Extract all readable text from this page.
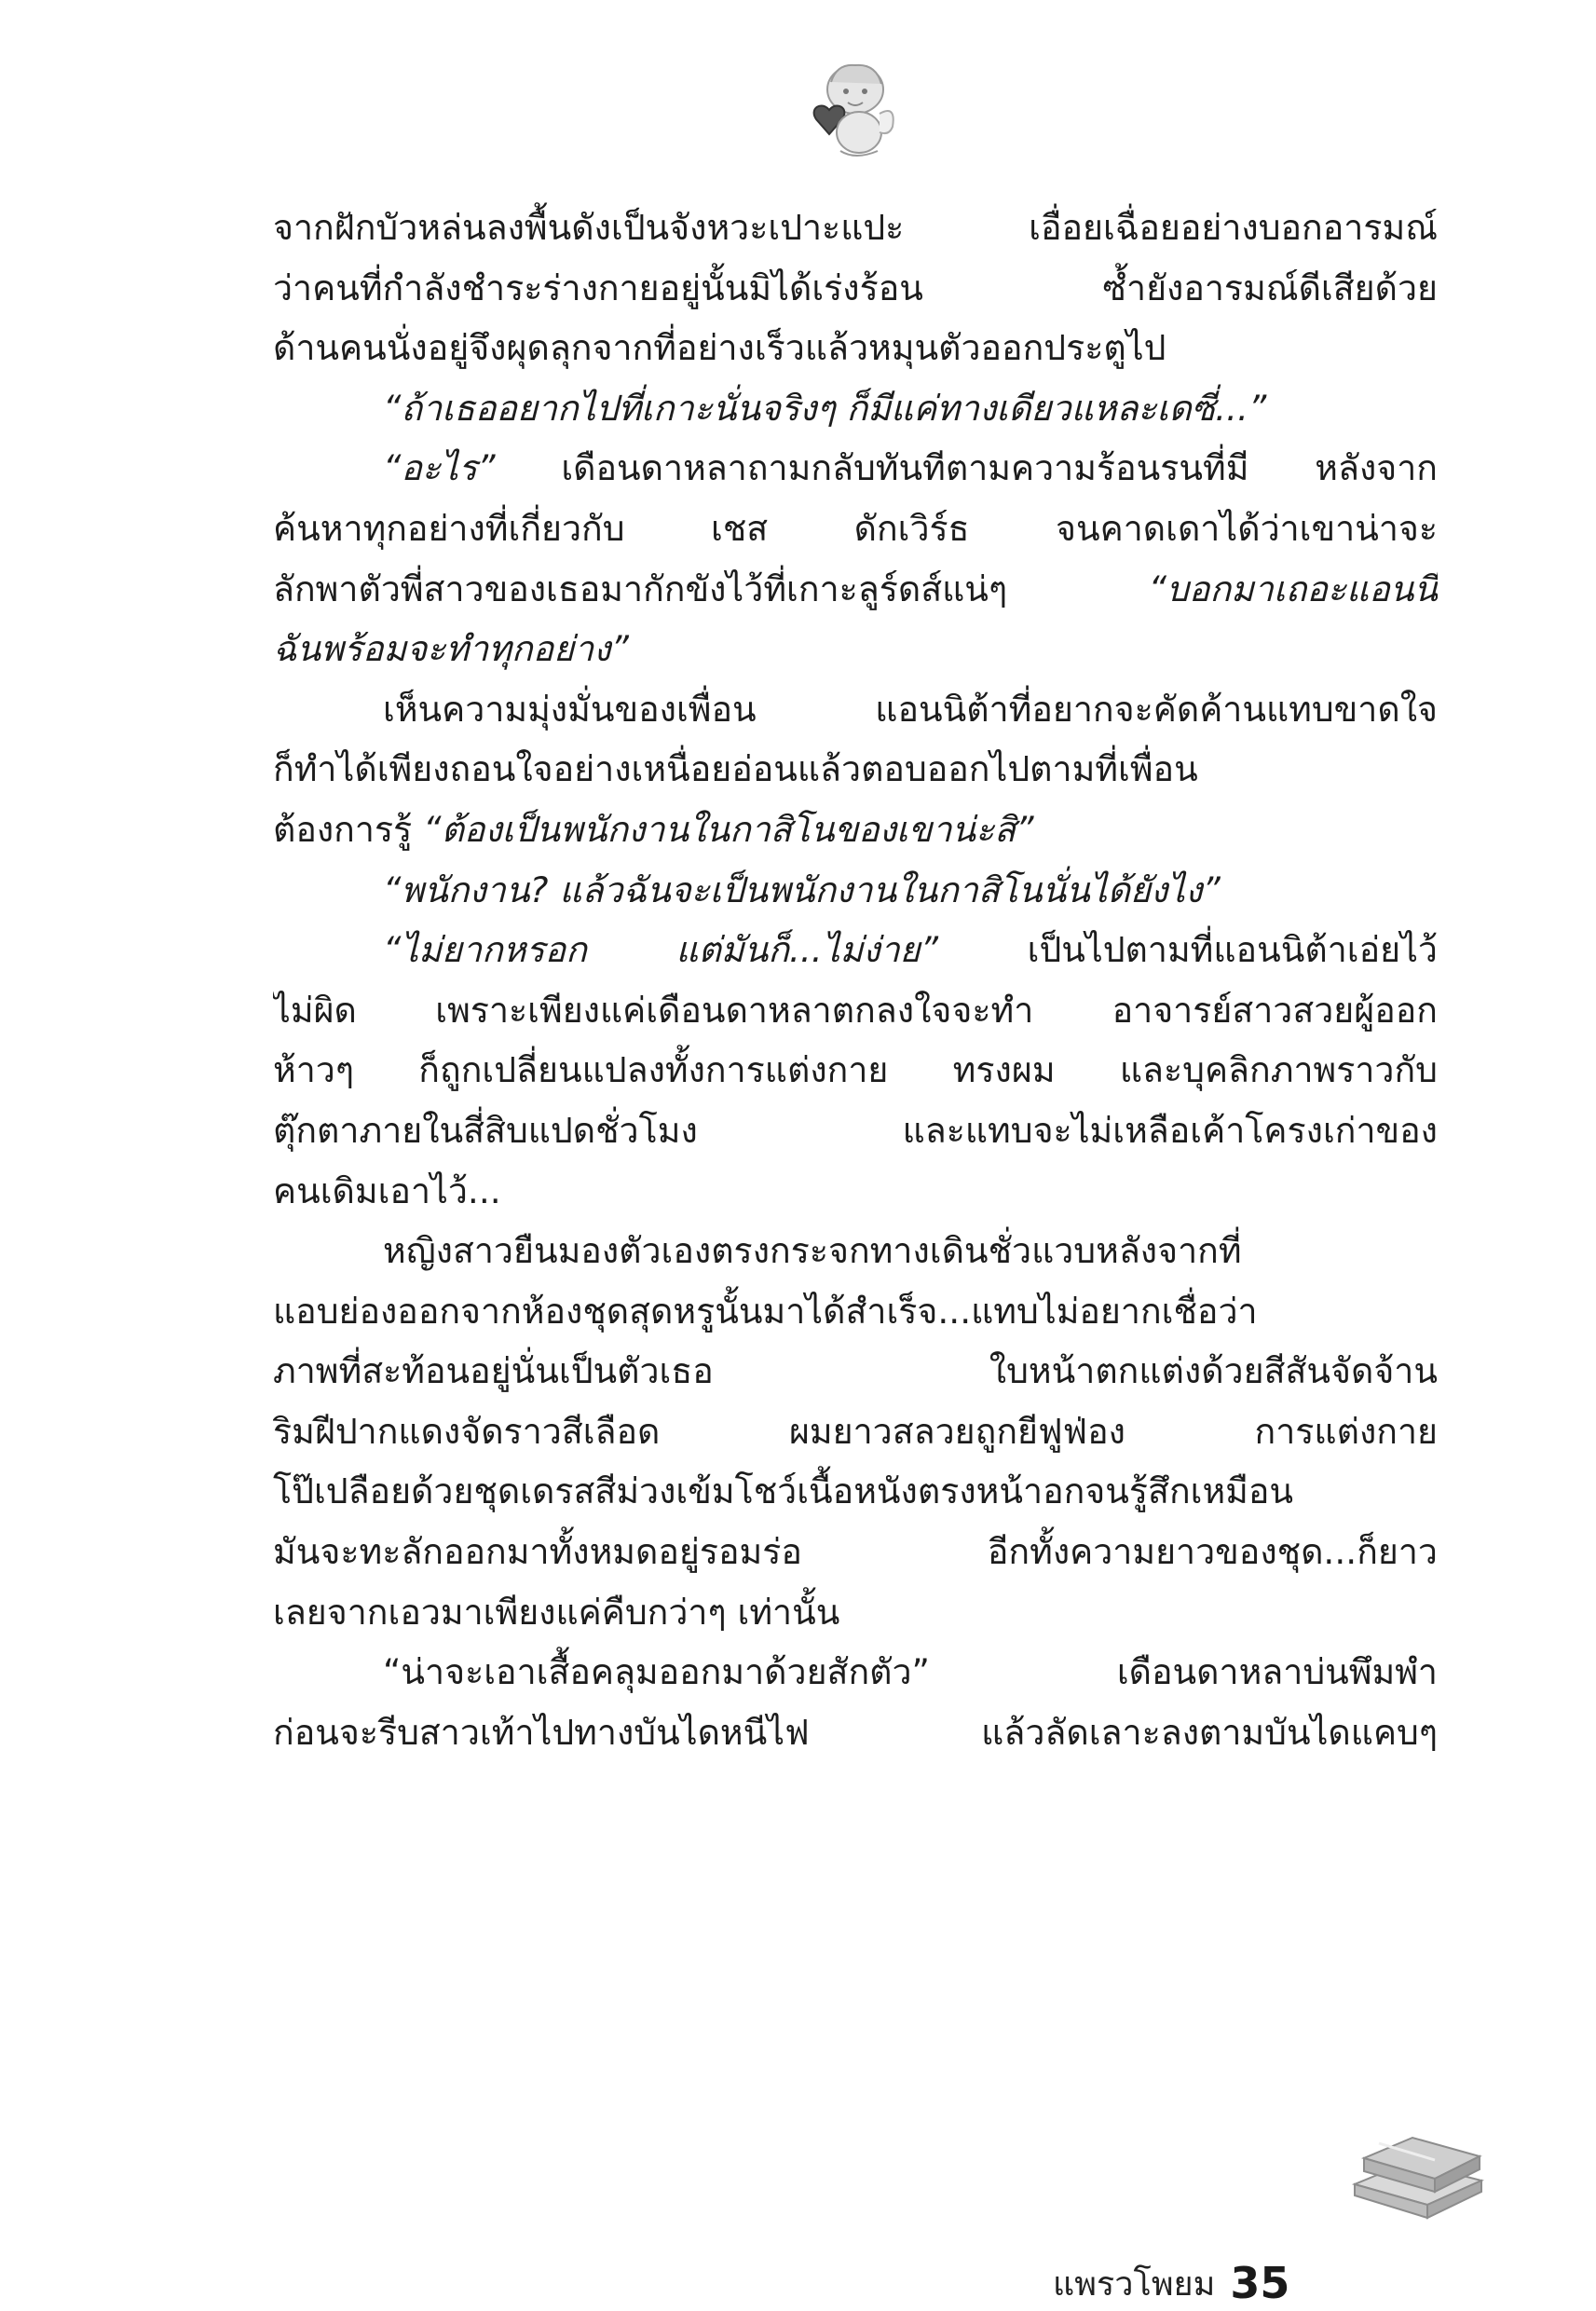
จากฝักบัวหล่นลงพื้นดังเป็นจังหวะเปาะแปะ เอื่อยเฉื่อยอย่างบอกอารมณ์
ว่าคนที่กำลังชำระร่างกายอยู่นั้นมิได้เร่งร้อน ซ้ำยังอารมณ์ดีเสียด้วย
ด้านคนนั่งอยู่จึงผุดลุกจากที่อย่างเร็วแล้วหมุนตัวออกประตูไป
“ถ้าเธออยากไปที่เกาะนั่นจริงๆ ก็มีแค่ทางเดียวแหละเดซี่...”
“อะไร” เดือนดาหลาถามกลับทันทีตามความร้อนรนที่มี หลังจาก
ค้นหาทุกอย่างที่เกี่ยวกับ เชส ดักเวิร์ธ จนคาดเดาได้ว่าเขาน่าจะ
ลักพาตัวพี่สาวของเธอมากักขังไว้ที่เกาะลูร์ดส์แน่ๆ “บอกมาเถอะแอนนี่
ฉันพร้อมจะทำทุกอย่าง”
เห็นความมุ่งมั่นของเพื่อน แอนนิต้าที่อยากจะคัดค้านแทบขาดใจ
ก็ทำได้เพียงถอนใจอย่างเหนื่อยอ่อนแล้วตอบออกไปตามที่เพื่อน
ต้องการรู้ “ต้องเป็นพนักงานในกาสิโนของเขาน่ะสิ”
“พนักงาน? แล้วฉันจะเป็นพนักงานในกาสิโนนั่นได้ยังไง”
“ไม่ยากหรอก แต่มันก็...ไม่ง่าย” เป็นไปตามที่แอนนิต้าเอ่ยไว้
ไม่ผิด เพราะเพียงแค่เดือนดาหลาตกลงใจจะทำ อาจารย์สาวสวยผู้ออก
ห้าวๆ ก็ถูกเปลี่ยนแปลงทั้งการแต่งกาย ทรงผม และบุคลิกภาพราวกับ
ตุ๊กตาภายในสี่สิบแปดชั่วโมง และแทบจะไม่เหลือเค้าโครงเก่าของ
คนเดิมเอาไว้...
หญิงสาวยืนมองตัวเองตรงกระจกทางเดินชั่วแวบหลังจากที่
แอบย่องออกจากห้องชุดสุดหรูนั้นมาได้สำเร็จ...แทบไม่อยากเชื่อว่า
ภาพที่สะท้อนอยู่นั่นเป็นตัวเธอ ใบหน้าตกแต่งด้วยสีสันจัดจ้าน
ริมฝีปากแดงจัดราวสีเลือด ผมยาวสลวยถูกยีฟูฟ่อง การแต่งกาย
โป๊เปลือยด้วยชุดเดรสสีม่วงเข้มโชว์เนื้อหนังตรงหน้าอกจนรู้สึกเหมือน
มันจะทะลักออกมาทั้งหมดอยู่รอมร่อ อีกทั้งความยาวของชุด...ก็ยาว
เลยจากเอวมาเพียงแค่คืบกว่าๆ เท่านั้น
“น่าจะเอาเสื้อคลุมออกมาด้วยสักตัว” เดือนดาหลาบ่นพึมพำ
ก่อนจะรีบสาวเท้าไปทางบันไดหนีไฟ แล้วลัดเลาะลงตามบันไดแคบๆ
แพรวโพยม 35
